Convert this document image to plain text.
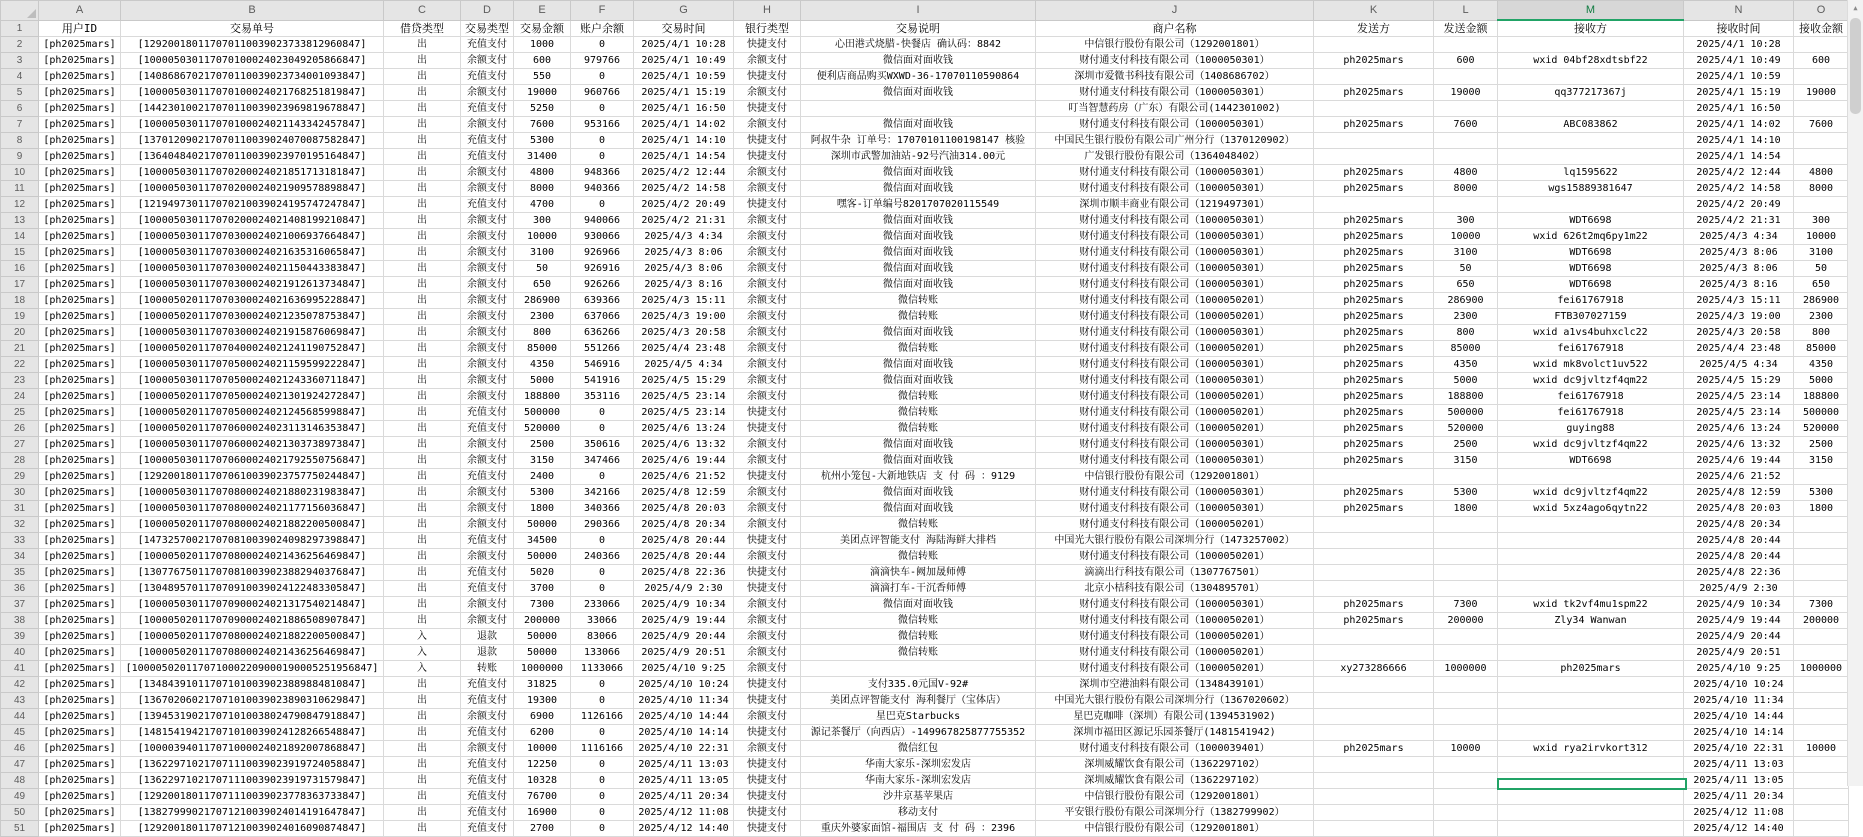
	A	B	C	D	E	F	G	H	I	J	K	L	M	N	O
1	用户ID	交易单号	借贷类型	交易类型	交易金额	账户余额	交易时间	银行类型	交易说明	商户名称	发送方	发送金额	接收方	接收时间	接收金额
2	[ph2025mars]	[129200180117070110039023733812960847]	出	充值支付	1000	0	2025/4/1 10:28	快捷支付	心田港式烧腊-快餐店 确认码：8842	中信银行股份有限公司（1292001801）				2025/4/1 10:28	
3	[ph2025mars]	[100005030117070100024023049205866847]	出	余额支付	600	979766	2025/4/1 10:49	余额支付	微信面对面收钱	财付通支付科技有限公司（1000050301）	ph2025mars	600	wxid 04bf28xdtsbf22	2025/4/1 10:49	600
4	[ph2025mars]	[140868670217070110039023734001093847]	出	充值支付	550	0	2025/4/1 10:59	快捷支付	便利店商品购买WXWD-36-17070110590864	深圳市爱微书科技有限公司（1408686702）				2025/4/1 10:59	
5	[ph2025mars]	[100005030117070100024021768251819847]	出	余额支付	19000	960766	2025/4/1 15:19	余额支付	微信面对面收钱	财付通支付科技有限公司（1000050301）	ph2025mars	19000	qq377217367j	2025/4/1 15:19	19000
6	[ph2025mars]	[144230100217070110039023969819678847]	出	充值支付	5250	0	2025/4/1 16:50	快捷支付		叮当智慧药房（广东）有限公司(1442301002)				2025/4/1 16:50	
7	[ph2025mars]	[100005030117070100024021143342457847]	出	余额支付	7600	953166	2025/4/1 14:02	余额支付	微信面对面收钱	财付通支付科技有限公司（1000050301）	ph2025mars	7600	ABC083862	2025/4/1 14:02	7600
8	[ph2025mars]	[137012090217070110039024070087582847]	出	充值支付	5300	0	2025/4/1 14:10	快捷支付	阿叔牛杂 订单号：17070101100198147 核验	中国民生银行股份有限公司广州分行（1370120902）				2025/4/1 14:10	
9	[ph2025mars]	[136404840217070110039023970195164847]	出	充值支付	31400	0	2025/4/1 14:54	快捷支付	深圳市武警加油站-92号汽油314.00元	广发银行股份有限公司（1364048402）				2025/4/1 14:54	
10	[ph2025mars]	[100005030117070200024021851713181847]	出	余额支付	4800	948366	2025/4/2 12:44	余额支付	微信面对面收钱	财付通支付科技有限公司（1000050301）	ph2025mars	4800	lq1595622	2025/4/2 12:44	4800
11	[ph2025mars]	[100005030117070200024021909578898847]	出	余额支付	8000	940366	2025/4/2 14:58	余额支付	微信面对面收钱	财付通支付科技有限公司（1000050301）	ph2025mars	8000	wgs15889381647	2025/4/2 14:58	8000
12	[ph2025mars]	[121949730117070210039024195747247847]	出	充值支付	4700	0	2025/4/2 20:49	快捷支付	嘿客-订单编号8201707020115549	深圳市顺丰商业有限公司（1219497301）				2025/4/2 20:49	
13	[ph2025mars]	[100005030117070200024021408199210847]	出	余额支付	300	940066	2025/4/2 21:31	余额支付	微信面对面收钱	财付通支付科技有限公司（1000050301）	ph2025mars	300	WDT6698	2025/4/2 21:31	300
14	[ph2025mars]	[100005030117070300024021006937664847]	出	余额支付	10000	930066	2025/4/3 4:34	余额支付	微信面对面收钱	财付通支付科技有限公司（1000050301）	ph2025mars	10000	wxid 626t2mq6py1m22	2025/4/3 4:34	10000
15	[ph2025mars]	[100005030117070300024021635316065847]	出	余额支付	3100	926966	2025/4/3 8:06	余额支付	微信面对面收钱	财付通支付科技有限公司（1000050301）	ph2025mars	3100	WDT6698	2025/4/3 8:06	3100
16	[ph2025mars]	[100005030117070300024021150443383847]	出	余额支付	50	926916	2025/4/3 8:06	余额支付	微信面对面收钱	财付通支付科技有限公司（1000050301）	ph2025mars	50	WDT6698	2025/4/3 8:06	50
17	[ph2025mars]	[100005030117070300024021912613734847]	出	余额支付	650	926266	2025/4/3 8:16	余额支付	微信面对面收钱	财付通支付科技有限公司（1000050301）	ph2025mars	650	WDT6698	2025/4/3 8:16	650
18	[ph2025mars]	[100005020117070300024021636995228847]	出	余额支付	286900	639366	2025/4/3 15:11	余额支付	微信转账	财付通支付科技有限公司（1000050201）	ph2025mars	286900	fei61767918	2025/4/3 15:11	286900
19	[ph2025mars]	[100005020117070300024021235078753847]	出	余额支付	2300	637066	2025/4/3 19:00	余额支付	微信转账	财付通支付科技有限公司（1000050201）	ph2025mars	2300	FTB307027159	2025/4/3 19:00	2300
20	[ph2025mars]	[100005030117070300024021915876069847]	出	余额支付	800	636266	2025/4/3 20:58	余额支付	微信面对面收钱	财付通支付科技有限公司（1000050301）	ph2025mars	800	wxid a1vs4buhxclc22	2025/4/3 20:58	800
21	[ph2025mars]	[100005020117070400024021241190752847]	出	余额支付	85000	551266	2025/4/4 23:48	余额支付	微信转账	财付通支付科技有限公司（1000050201）	ph2025mars	85000	fei61767918	2025/4/4 23:48	85000
22	[ph2025mars]	[100005030117070500024021159599222847]	出	余额支付	4350	546916	2025/4/5 4:34	余额支付	微信面对面收钱	财付通支付科技有限公司（1000050301）	ph2025mars	4350	wxid mk8volct1uv522	2025/4/5 4:34	4350
23	[ph2025mars]	[100005030117070500024021243360711847]	出	余额支付	5000	541916	2025/4/5 15:29	余额支付	微信面对面收钱	财付通支付科技有限公司（1000050301）	ph2025mars	5000	wxid dc9jvltzf4qm22	2025/4/5 15:29	5000
24	[ph2025mars]	[100005020117070500024021301924272847]	出	余额支付	188800	353116	2025/4/5 23:14	余额支付	微信转账	财付通支付科技有限公司（1000050201）	ph2025mars	188800	fei61767918	2025/4/5 23:14	188800
25	[ph2025mars]	[100005020117070500024021245685998847]	出	充值支付	500000	0	2025/4/5 23:14	快捷支付	微信转账	财付通支付科技有限公司（1000050201）	ph2025mars	500000	fei61767918	2025/4/5 23:14	500000
26	[ph2025mars]	[100005020117070600024023113146353847]	出	充值支付	520000	0	2025/4/6 13:24	快捷支付	微信转账	财付通支付科技有限公司（1000050201）	ph2025mars	520000	guying88	2025/4/6 13:24	520000
27	[ph2025mars]	[100005030117070600024021303738973847]	出	余额支付	2500	350616	2025/4/6 13:32	余额支付	微信面对面收钱	财付通支付科技有限公司（1000050301）	ph2025mars	2500	wxid dc9jvltzf4qm22	2025/4/6 13:32	2500
28	[ph2025mars]	[100005030117070600024021792550756847]	出	余额支付	3150	347466	2025/4/6 19:44	余额支付	微信面对面收钱	财付通支付科技有限公司（1000050301）	ph2025mars	3150	WDT6698	2025/4/6 19:44	3150
29	[ph2025mars]	[129200180117070610039023757750244847]	出	充值支付	2400	0	2025/4/6 21:52	快捷支付	杭州小笼包-大新地铁店 支 付 码 ：9129	中信银行股份有限公司（1292001801）				2025/4/6 21:52	
30	[ph2025mars]	[100005030117070800024021880231983847]	出	余额支付	5300	342166	2025/4/8 12:59	余额支付	微信面对面收钱	财付通支付科技有限公司（1000050301）	ph2025mars	5300	wxid dc9jvltzf4qm22	2025/4/8 12:59	5300
31	[ph2025mars]	[100005030117070800024021177156036847]	出	余额支付	1800	340366	2025/4/8 20:03	余额支付	微信面对面收钱	财付通支付科技有限公司（1000050301）	ph2025mars	1800	wxid 5xz4ago6qytn22	2025/4/8 20:03	1800
32	[ph2025mars]	[100005020117070800024021882200500847]	出	余额支付	50000	290366	2025/4/8 20:34	余额支付	微信转账	财付通支付科技有限公司（1000050201）				2025/4/8 20:34	
33	[ph2025mars]	[147325700217070810039024098297398847]	出	充值支付	34500	0	2025/4/8 20:44	快捷支付	美团点评智能支付 海陆海鲜大排档	中国光大银行股份有限公司深圳分行（1473257002）				2025/4/8 20:44	
34	[ph2025mars]	[100005020117070800024021436256469847]	出	余额支付	50000	240366	2025/4/8 20:44	余额支付	微信转账	财付通支付科技有限公司（1000050201）				2025/4/8 20:44	
35	[ph2025mars]	[130776750117070810039023882940376847]	出	充值支付	5020	0	2025/4/8 22:36	快捷支付	滴滴快车-阙加晟师傅	滴滴出行科技有限公司（1307767501）				2025/4/8 22:36	
36	[ph2025mars]	[130489570117070910039024122483305847]	出	充值支付	3700	0	2025/4/9 2:30	快捷支付	滴滴打车-干沉香师傅	北京小桔科技有限公司（1304895701）				2025/4/9 2:30	
37	[ph2025mars]	[100005030117070900024021317540214847]	出	余额支付	7300	233066	2025/4/9 10:34	余额支付	微信面对面收钱	财付通支付科技有限公司（1000050301）	ph2025mars	7300	wxid tk2vf4mu1spm22	2025/4/9 10:34	7300
38	[ph2025mars]	[100005020117070900024021886508907847]	出	余额支付	200000	33066	2025/4/9 19:44	余额支付	微信转账	财付通支付科技有限公司（1000050201）	ph2025mars	200000	Zly34 Wanwan	2025/4/9 19:44	200000
39	[ph2025mars]	[100005020117070800024021882200500847]	入	退款	50000	83066	2025/4/9 20:44	余额支付	微信转账	财付通支付科技有限公司（1000050201）				2025/4/9 20:44	
40	[ph2025mars]	[100005020117070800024021436256469847]	入	退款	50000	133066	2025/4/9 20:51	余额支付	微信转账	财付通支付科技有限公司（1000050201）				2025/4/9 20:51	
41	[ph2025mars]	[1000050201170710002209000190005251956847]	入	转账	1000000	1133066	2025/4/10 9:25	余额支付		财付通支付科技有限公司（1000050201）	xy273286666	1000000	ph2025mars	2025/4/10 9:25	1000000
42	[ph2025mars]	[134843910117071010039023889884810847]	出	充值支付	31825	0	2025/4/10 10:24	快捷支付	支付335.0元国V-92#	深圳市空港油料有限公司（1348439101）				2025/4/10 10:24	
43	[ph2025mars]	[136702060217071010039023890310629847]	出	充值支付	19300	0	2025/4/10 11:34	快捷支付	美团点评智能支付 海利餐厅（宝体店）	中国光大银行股份有限公司深圳分行（1367020602）				2025/4/10 11:34	
44	[ph2025mars]	[139453190217071010038024790847918847]	出	余额支付	6900	1126166	2025/4/10 14:44	余额支付	星巴克Starbucks	星巴克咖啡（深圳）有限公司(1394531902)				2025/4/10 14:44	
45	[ph2025mars]	[148154194217071010039024128266548847]	出	充值支付	6200	0	2025/4/10 14:14	快捷支付	源记茶餐厅（向西店）-149967825877755352	深圳市福田区源记乐园茶餐厅(1481541942)				2025/4/10 14:14	
46	[ph2025mars]	[100003940117071000024021892007868847]	出	余额支付	10000	1116166	2025/4/10 22:31	余额支付	微信红包	财付通支付科技有限公司（1000039401）	ph2025mars	10000	wxid rya2irvkort312	2025/4/10 22:31	10000
47	[ph2025mars]	[136229710217071110039023919724058847]	出	充值支付	12250	0	2025/4/11 13:03	快捷支付	华南大家乐-深圳宏发店	深圳威耀饮食有限公司（1362297102）				2025/4/11 13:03	
48	[ph2025mars]	[136229710217071110039023919731579847]	出	充值支付	10328	0	2025/4/11 13:05	快捷支付	华南大家乐-深圳宏发店	深圳威耀饮食有限公司（1362297102）				2025/4/11 13:05	
49	[ph2025mars]	[129200180117071110039023778363733847]	出	充值支付	76700	0	2025/4/11 20:34	快捷支付	沙井京基苹果店	中信银行股份有限公司（1292001801）				2025/4/11 20:34	
50	[ph2025mars]	[138279990217071210039024014191647847]	出	充值支付	16900	0	2025/4/12 11:08	快捷支付	移动支付	平安银行股份有限公司深圳分行（1382799902）				2025/4/12 11:08	
51	[ph2025mars]	[129200180117071210039024016090874847]	出	充值支付	2700	0	2025/4/12 14:40	快捷支付	重庆外婆家面馆-福围店 支 付 码 ：2396	中信银行股份有限公司（1292001801）				2025/4/12 14:40	
▲
